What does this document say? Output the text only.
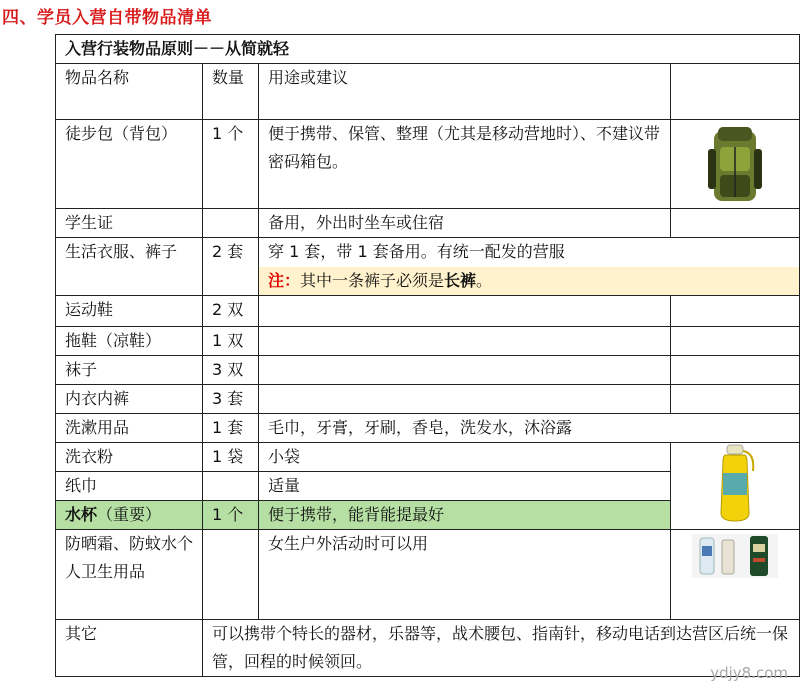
四、学员入营自带物品清单
入营行装物品原则－－从简就轻			
物品名称	数量	用途或建议	
徒步包（背包）	1 个	便于携带、保管、整理（尤其是移动营地时）、不建议带密码箱包。	

学生证		备用，外出时坐车或住宿	
生活衣服、裤子	2 套	穿 1 套，带 1 套备用。有统一配发的营服	
		注：其中一条裤子必须是长裤。	
运动鞋	2 双		
拖鞋（凉鞋）	1 双		
袜子	3 双		
内衣内裤	3 套		
洗漱用品	1 套	毛巾，牙膏，牙刷，香皂，洗发水，沐浴露	
洗衣粉	1 袋	小袋	

纸巾		适量	
水杯（重要）	1 个	便于携带，能背能提最好	
防晒霜、防蚊水个人卫生用品		女生户外活动时可以用	

其它	可以携带个特长的器材，乐器等，战术腰包、指南针，移动电话到达营区后统一保管，回程的时候领回。		
ydjy8.com
